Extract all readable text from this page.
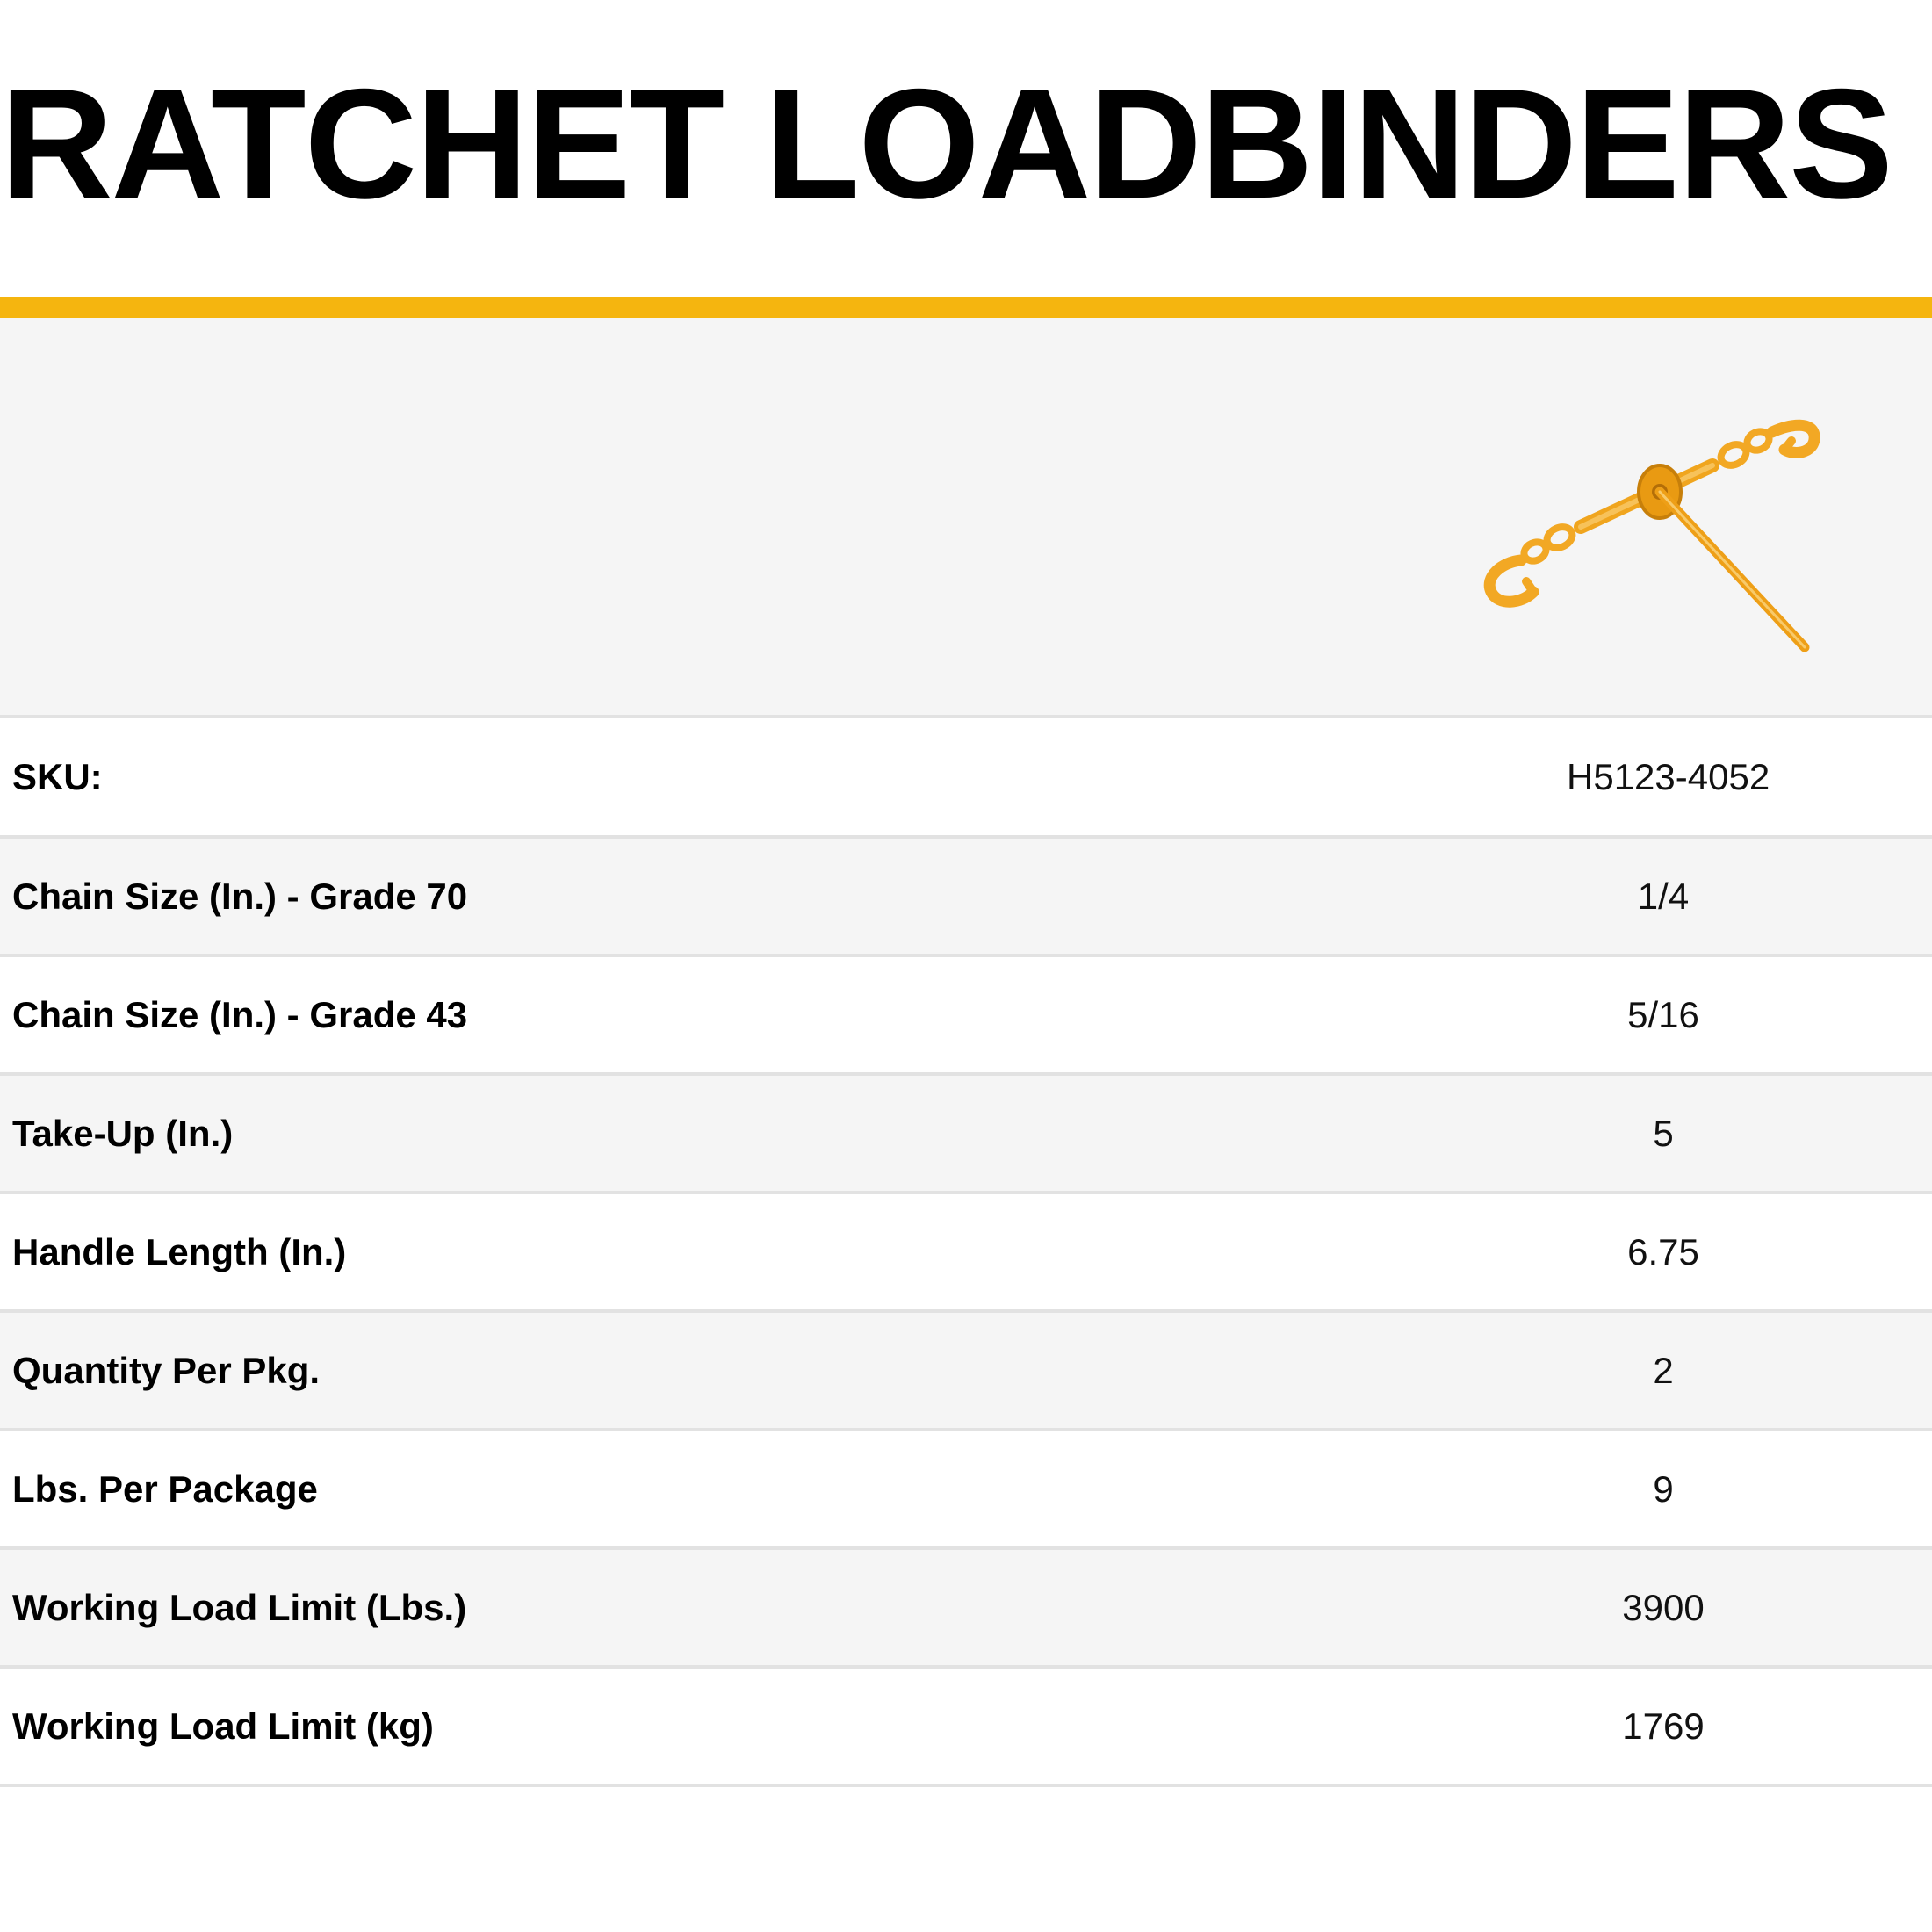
RATCHET LOADBINDERS
SKU:	H5123-4052
Chain Size (In.) - Grade 70	1/4
Chain Size (In.) - Grade 43	5/16
Take-Up (In.)	5
Handle Length (In.)	6.75
Quantity Per Pkg.	2
Lbs. Per Package	9
Working Load Limit (Lbs.)	3900
Working Load Limit (kg)	1769
